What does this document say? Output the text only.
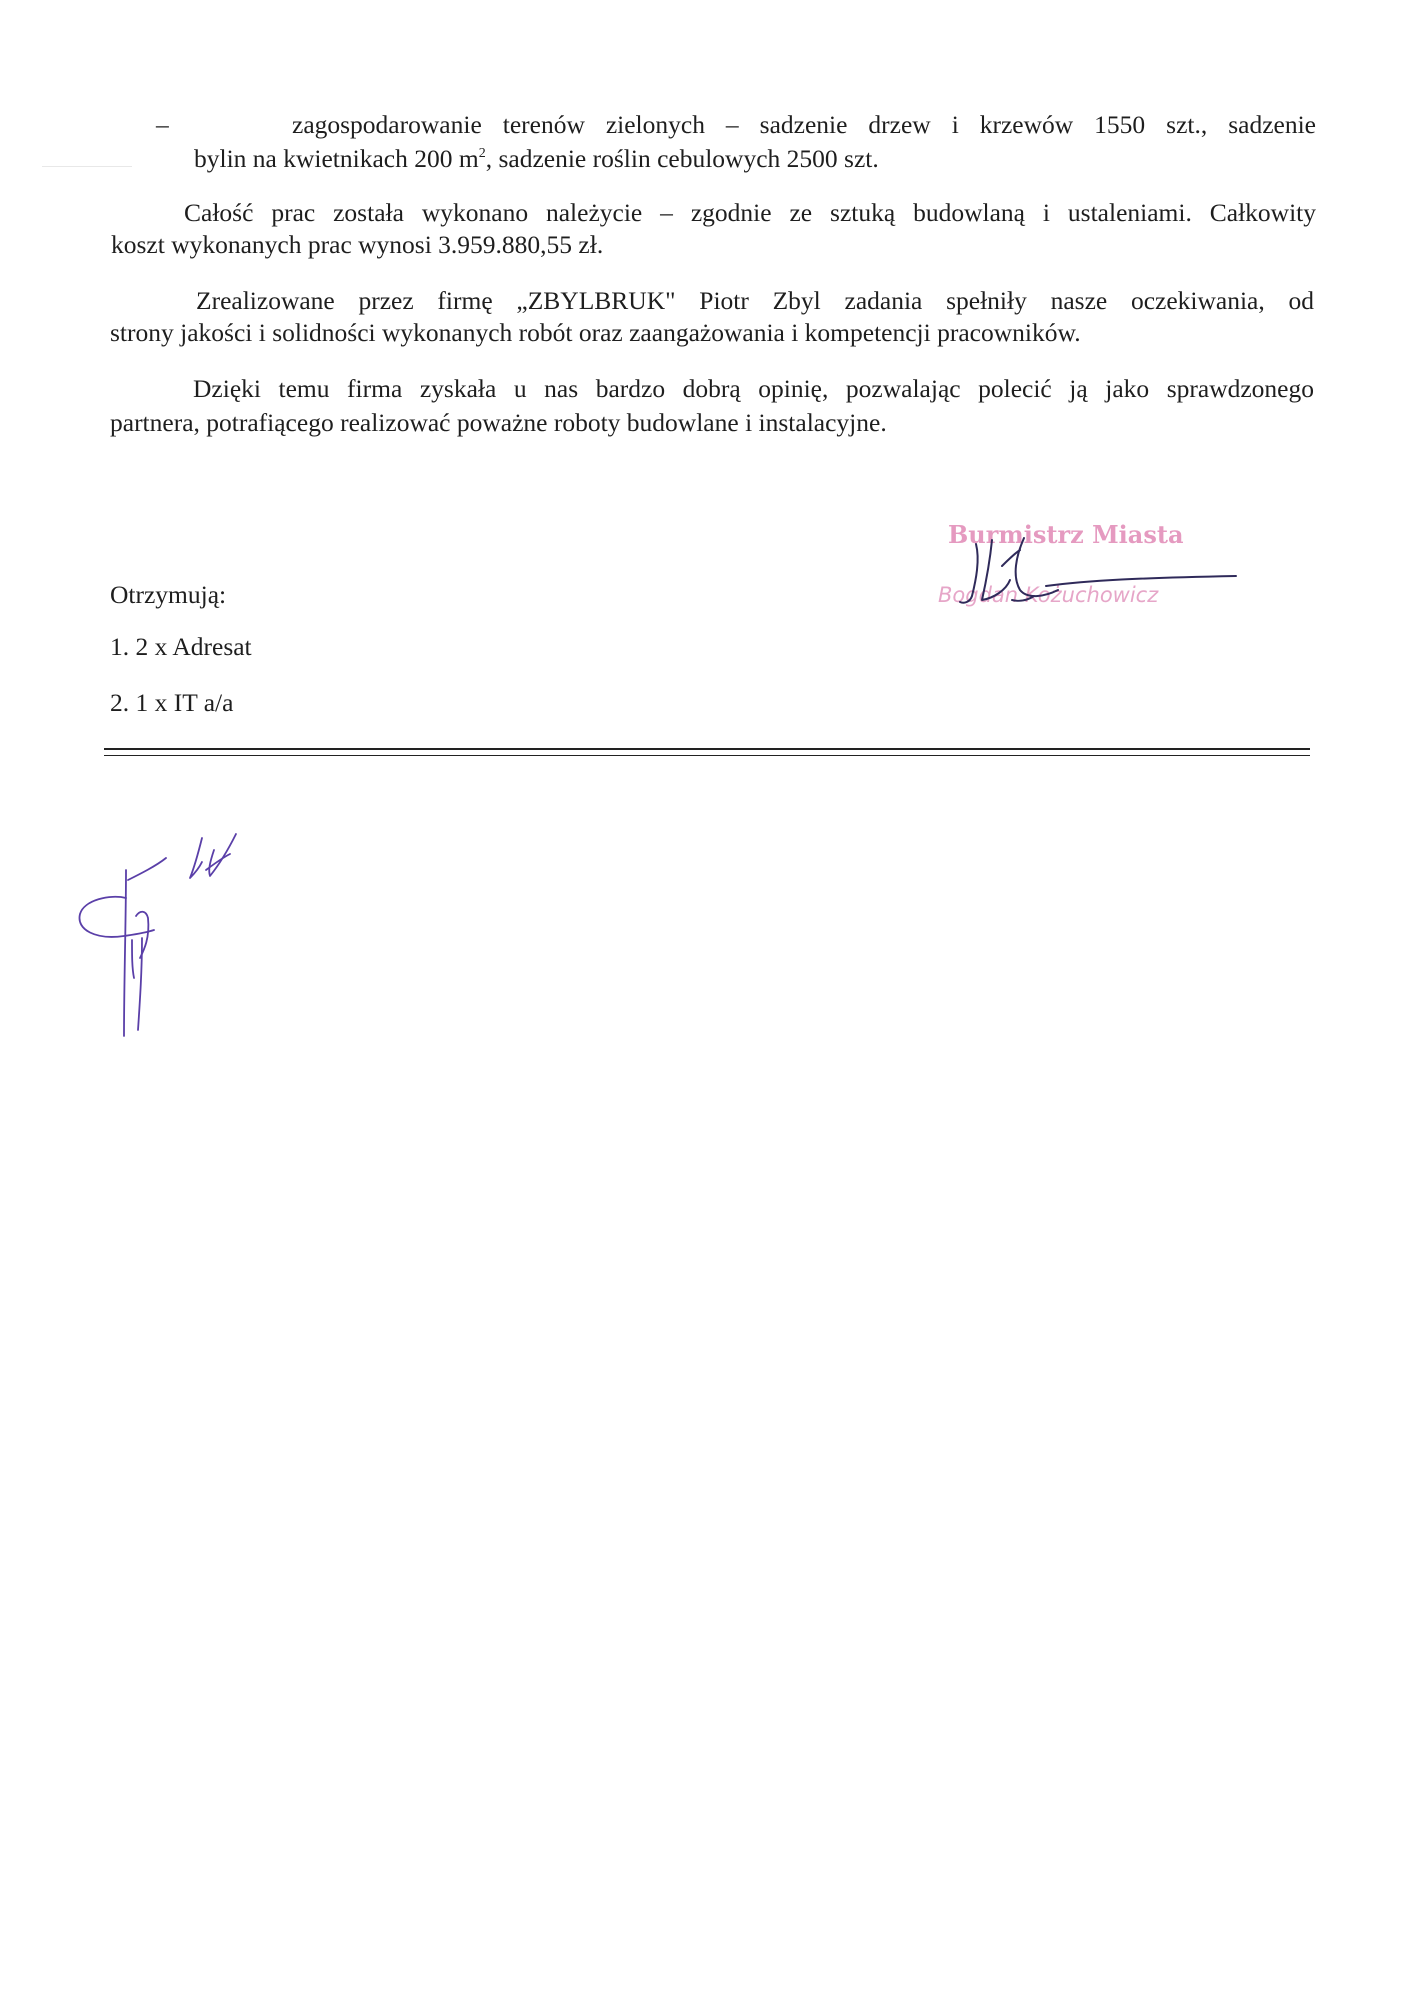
–	zagospodarowanie terenów zielonych – sadzenie drzew i krzewów 1550 szt., sadzenie
bylin na kwietnikach 200 $m^2$, sadzenie roślin cebulowych 2500 szt.
Całość prac została wykonano należycie – zgodnie ze sztuką budowlaną i ustaleniami. Całkowity
koszt wykonanych prac wynosi 3.959.880,55 zł.
Zrealizowane przez firmę „ZBYLBRUK" Piotr Zbyl zadania spełniły nasze oczekiwania, od
strony jakości i solidności wykonanych robót oraz zaangażowania i kompetencji pracowników.
Dzięki temu firma zyskała u nas bardzo dobrą opinię, pozwalając polecić ją jako sprawdzonego
partnera, potrafiącego realizować poważne roboty budowlane i instalacyjne.
Burmistrz Miasta
Bogdan Kożuchowicz
Otrzymują:
1. 2 x Adresat
2. 1 x IT a/a
